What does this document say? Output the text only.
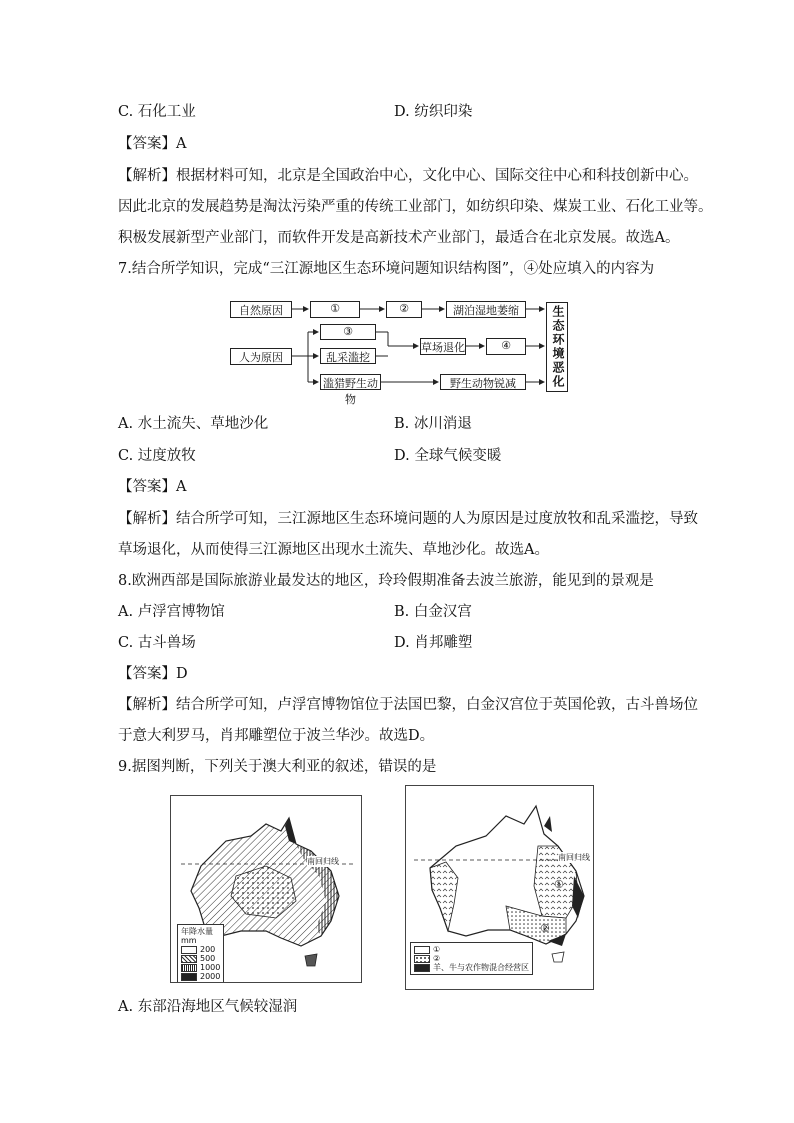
C. 石化工业	D. 纺织印染
【答案】A
【解析】根据材料可知，北京是全国政治中心，文化中心、国际交往中心和科技创新中心。
因此北京的发展趋势是淘汰污染严重的传统工业部门，如纺织印染、煤炭工业、石化工业等。
积极发展新型产业部门，而软件开发是高新技术产业部门，最适合在北京发展。故选A。
7.结合所学知识，完成“三江源地区生态环境问题知识结构图”，④处应填入的内容为
自然原因	①	②	湖泊湿地萎缩
人为原因
③
乱采滥挖
草场退化	④
滥猎野生动物
野生动物锐减	生态环境恶化
A. 水土流失、草地沙化	B. 冰川消退
C. 过度放牧	D. 全球气候变暖
【答案】A
【解析】结合所学可知，三江源地区生态环境问题的人为原因是过度放牧和乱采滥挖，导致
草场退化，从而使得三江源地区出现水土流失、草地沙化。故选A。
8.欧洲西部是国际旅游业最发达的地区，玲玲假期准备去波兰旅游，能见到的景观是
A. 卢浮宫博物馆	B. 白金汉宫
C. 古斗兽场	D. 肖邦雕塑
【答案】D
【解析】结合所学可知，卢浮宫博物馆位于法国巴黎，白金汉宫位于英国伦敦，古斗兽场位
于意大利罗马，肖邦雕塑位于波兰华沙。故选D。
9.据图判断，下列关于澳大利亚的叙述，错误的是
南回归线
年降水量
mm
200
500
1000
2000
南回归线
①
②
①
②
羊、牛与农作物混合经营区
A. 东部沿海地区气候较湿润
